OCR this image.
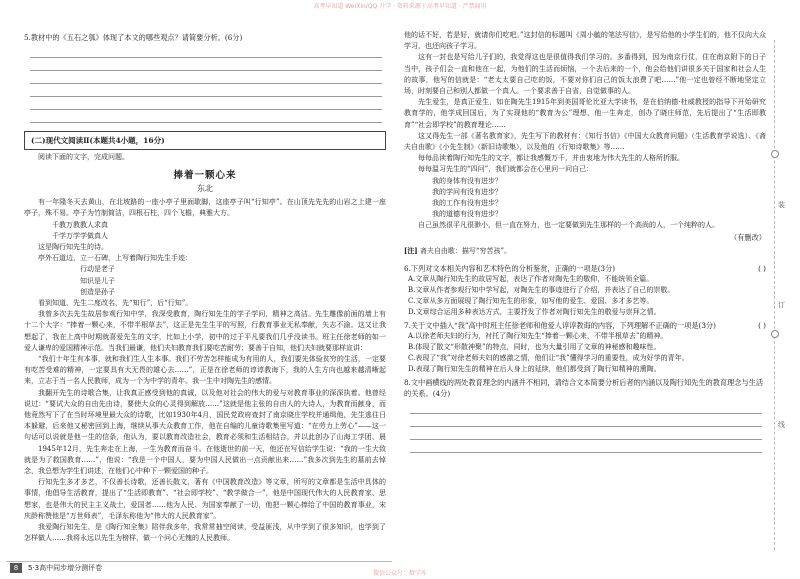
高考早知道 WeiXin/QQ 升学 · 资料来源于高考早知道 · 严禁商用

5.教材中的《五石之瓠》体现了本文的哪些观点？请简要分析。(6分)

(二)现代文阅读Ⅱ(本题共4小题，16分)

阅读下面的文字，完成问题。

捧着一颗心来

东北

有一年隆冬天去黄山，在北坡路的一座小亭子里面歇脚，这座亭子叫“行知亭”。在山顶先先先的山岩之上建一座亭子，殊不易。亭子为竹制简洁，四根石柱，四个飞檐，典雅大方。

千教万教教人求真

千学万学学做真人

这是陶行知先生的诗。

亭外石道边，立一石碑，上写着陶行知先生手迹：

行动是老子

知识是儿子

创造是孙子

看到知道，先生二度改名，先“知行”，后“行知”。

我曾多次去先生故居参观行知中学，我深受教育，陶行知先生的学子学问，精神之高洁。先生雕像前面的墙上有十二个大字：“捧着一颗心来，不带半根草去”，这正是先生生平的写照，行教育事业无私奉献，矢志不渝。这又让我想起了，我在上高中时期就喜爱先生的文字，比如上小学，初中的过于平凡要我们几乎没读书。班主任徐老师的如一爱人谦卑的爱国精神示范。当我们最谦，他们夫妇教育我们要吃苦耐劳；要善于自知，他们夫妇就要那样宣讲：

“我们十年生有本事，就和我们生人生本事。我们不劳苦怎样能成为有用的人，我们要先体验贫穷的生活，一定要有吃苦受难的精神，一定要具有大无畏的雄心去……”，正是在徐老师的谆谆教诲下，我的人生方向也越来越清晰起来，立志于当一名人民教师，成为一个为中学的青年。我一生中对陶先生的感情。

我翻开先生的诗歌合集，让我真正感受到他的真诚，以及他对社会的伟大的爱与对教育事业的深深执着。他曾经说过：“要试大众的自由先由诗，要使大众的心灵得到解放……”这就是他主张的自由人的大诗人，为教育而献身，而他竟然写下了在当时环境里最大众的诗歌，比如1930年4月，国民党政府查封了南京晓庄学校并通缉他，先生逃往日本躲避，后来他又秘密回到上海，继续从事大众教育工作，他在自编的儿童诗歌集里写道：“在劳力上劳心”——这一句话可以说就是他一生的信条，他认为，要以教育改造社会，教育必须和生活相结合，并以此创办了山海工学团、晨

1945年12月，先生奔走在上海，一生为教育而奋斗。在他逝世的前一天，他还在写信给学生说：“我的一生大致就是为了救国教育……”，他说：“我是一个中国人，要为中国人民做出一点贡献出来……”我多次到先生的墓前去悼念，我总想为学生们讲述，在他们心中种下一颗爱国的种子。

行知先生多才多艺，不仅善长诗歌，还善长散文，著有《中国教育改造》等文章，所写的文章都是生活中具体的事情，他倡导生活教育，提出了“生活即教育”、“社会即学校”、“教学做合一”，他是中国现代伟大的人民教育家、思想家，也是伟大的民主主义战士，爱国者……他为人民、为国家奉献了一切，他把一颗心捧给了中国的教育事业，宋庆龄称赞他是“万世师表”，毛泽东称他为“伟大的人民教育家”。

我爱陶行知先生，是《陶行知全集》陪伴我多年，我常常抽空阅读，受益匪浅，从中学到了很多知识，也学到了怎样做人……我将永远以先生为榜样，做一个问心无愧的人民教师。

8	5·3高中同步增分测评卷

他的话不好，若是好，就请你们吃吧。”这封信的标题叫《周小毓的笔法写信》，是写给他的小学生们的，他不仅向大众学习，也还向孩子学习。

这有一封也是写给儿子们的，我觉得这也是很值得我们学习的。多番得到，因为南京行仗，住在南京附下的日子当中，孩子们会一直和他在一起，为他们的生活而烦恼，一个去后来的一个，他会给他们讲很多关于国家和社会人生的故事，他写的信就是：“老太太要自己吃的饭，不要对你们自己的饭太浪费了吧……”他一定也曾经不断地坚定立场，时刻要自己和别人都做一个真人。一个要求善于自省，自觉做事的人。

先生爱生，是真正爱生，如在陶先生1915年到美国哥伦比亚大学读书，是在伯纳德·杜威教授的指导下开始研究教育学的，他学成回国后，为了实现他的“教育为公”理想，他一生奔走，创办了晓庄师范，先后提出了“生活即教育”“社会即学校”的教育理论……

这又得先生一部《著名教育家》，先生写下的教材有：《知行书信》《中国大众教育问题》（生活教育学说选）、《斋夫自由歌》《小先生制》（新旧诗歌集），以及他的《行知诗歌集》等……

每每品读着陶行知先生的文字，都让我感慨万千，并由衷地为伟大先生的人格所折服。

每每温习先生的“四问”，我们就都会在心里问一问自己：

我的身体有没有进步？

我的学问有没有进步？

我的工作有没有进步？

我的道德有没有进步？

自己虽然很平凡很渺小，但一直在努力，也一定要做到先生那样的一个高尚的人，一个纯粹的人。

（有删改）

[注] 斋夫自由歌：描写“穷苦孩”。

6.下列对文本相关内容和艺术特色的分析鉴赏，正确的一项是(3分)	( )

A.文章从陶行知先生的故居写起，表达了作者对陶先生的敬仰，不能统领全篇。

B.文章从作者参观行知中学写起，对陶先生的事迹进行了介绍，并表达了自己的崇敬。

C.文章从多方面展现了陶行知先生的形象，如写他的爱生、爱国、多才多艺等。

D.文章综合运用多种表达方式，主要抒发了作者对陶行知先生的敬爱与崇拜之情。

7.关于文中插入“我”高中时班主任徐老师和他爱人谆谆教诲的内容，下列理解不正确的一项是(3分)	( )

A.以徐老师夫妇的行为，衬托了陶行知先生“捧着一颗心来，不带半根草去”的精神。

B.体现了散文“形散神聚”的特点，同时，也为大量引用了文章的神秘感和趣味性。

C.表现了“我”对徐老师夫妇的感激之情，他们让“我”懂得学习的重要性，成为好学的青年。

D.表现了陶行知先生的精神在后人身上的延续，他们都受到了陶行知精神的熏陶。

8.文中画横线的两处教育理念的内涵并不相同，请结合文本简要分析后者的内涵以及陶行知先生的教育理念与生活的关系。(4分)

装
订
线
微信公众号：数学库
